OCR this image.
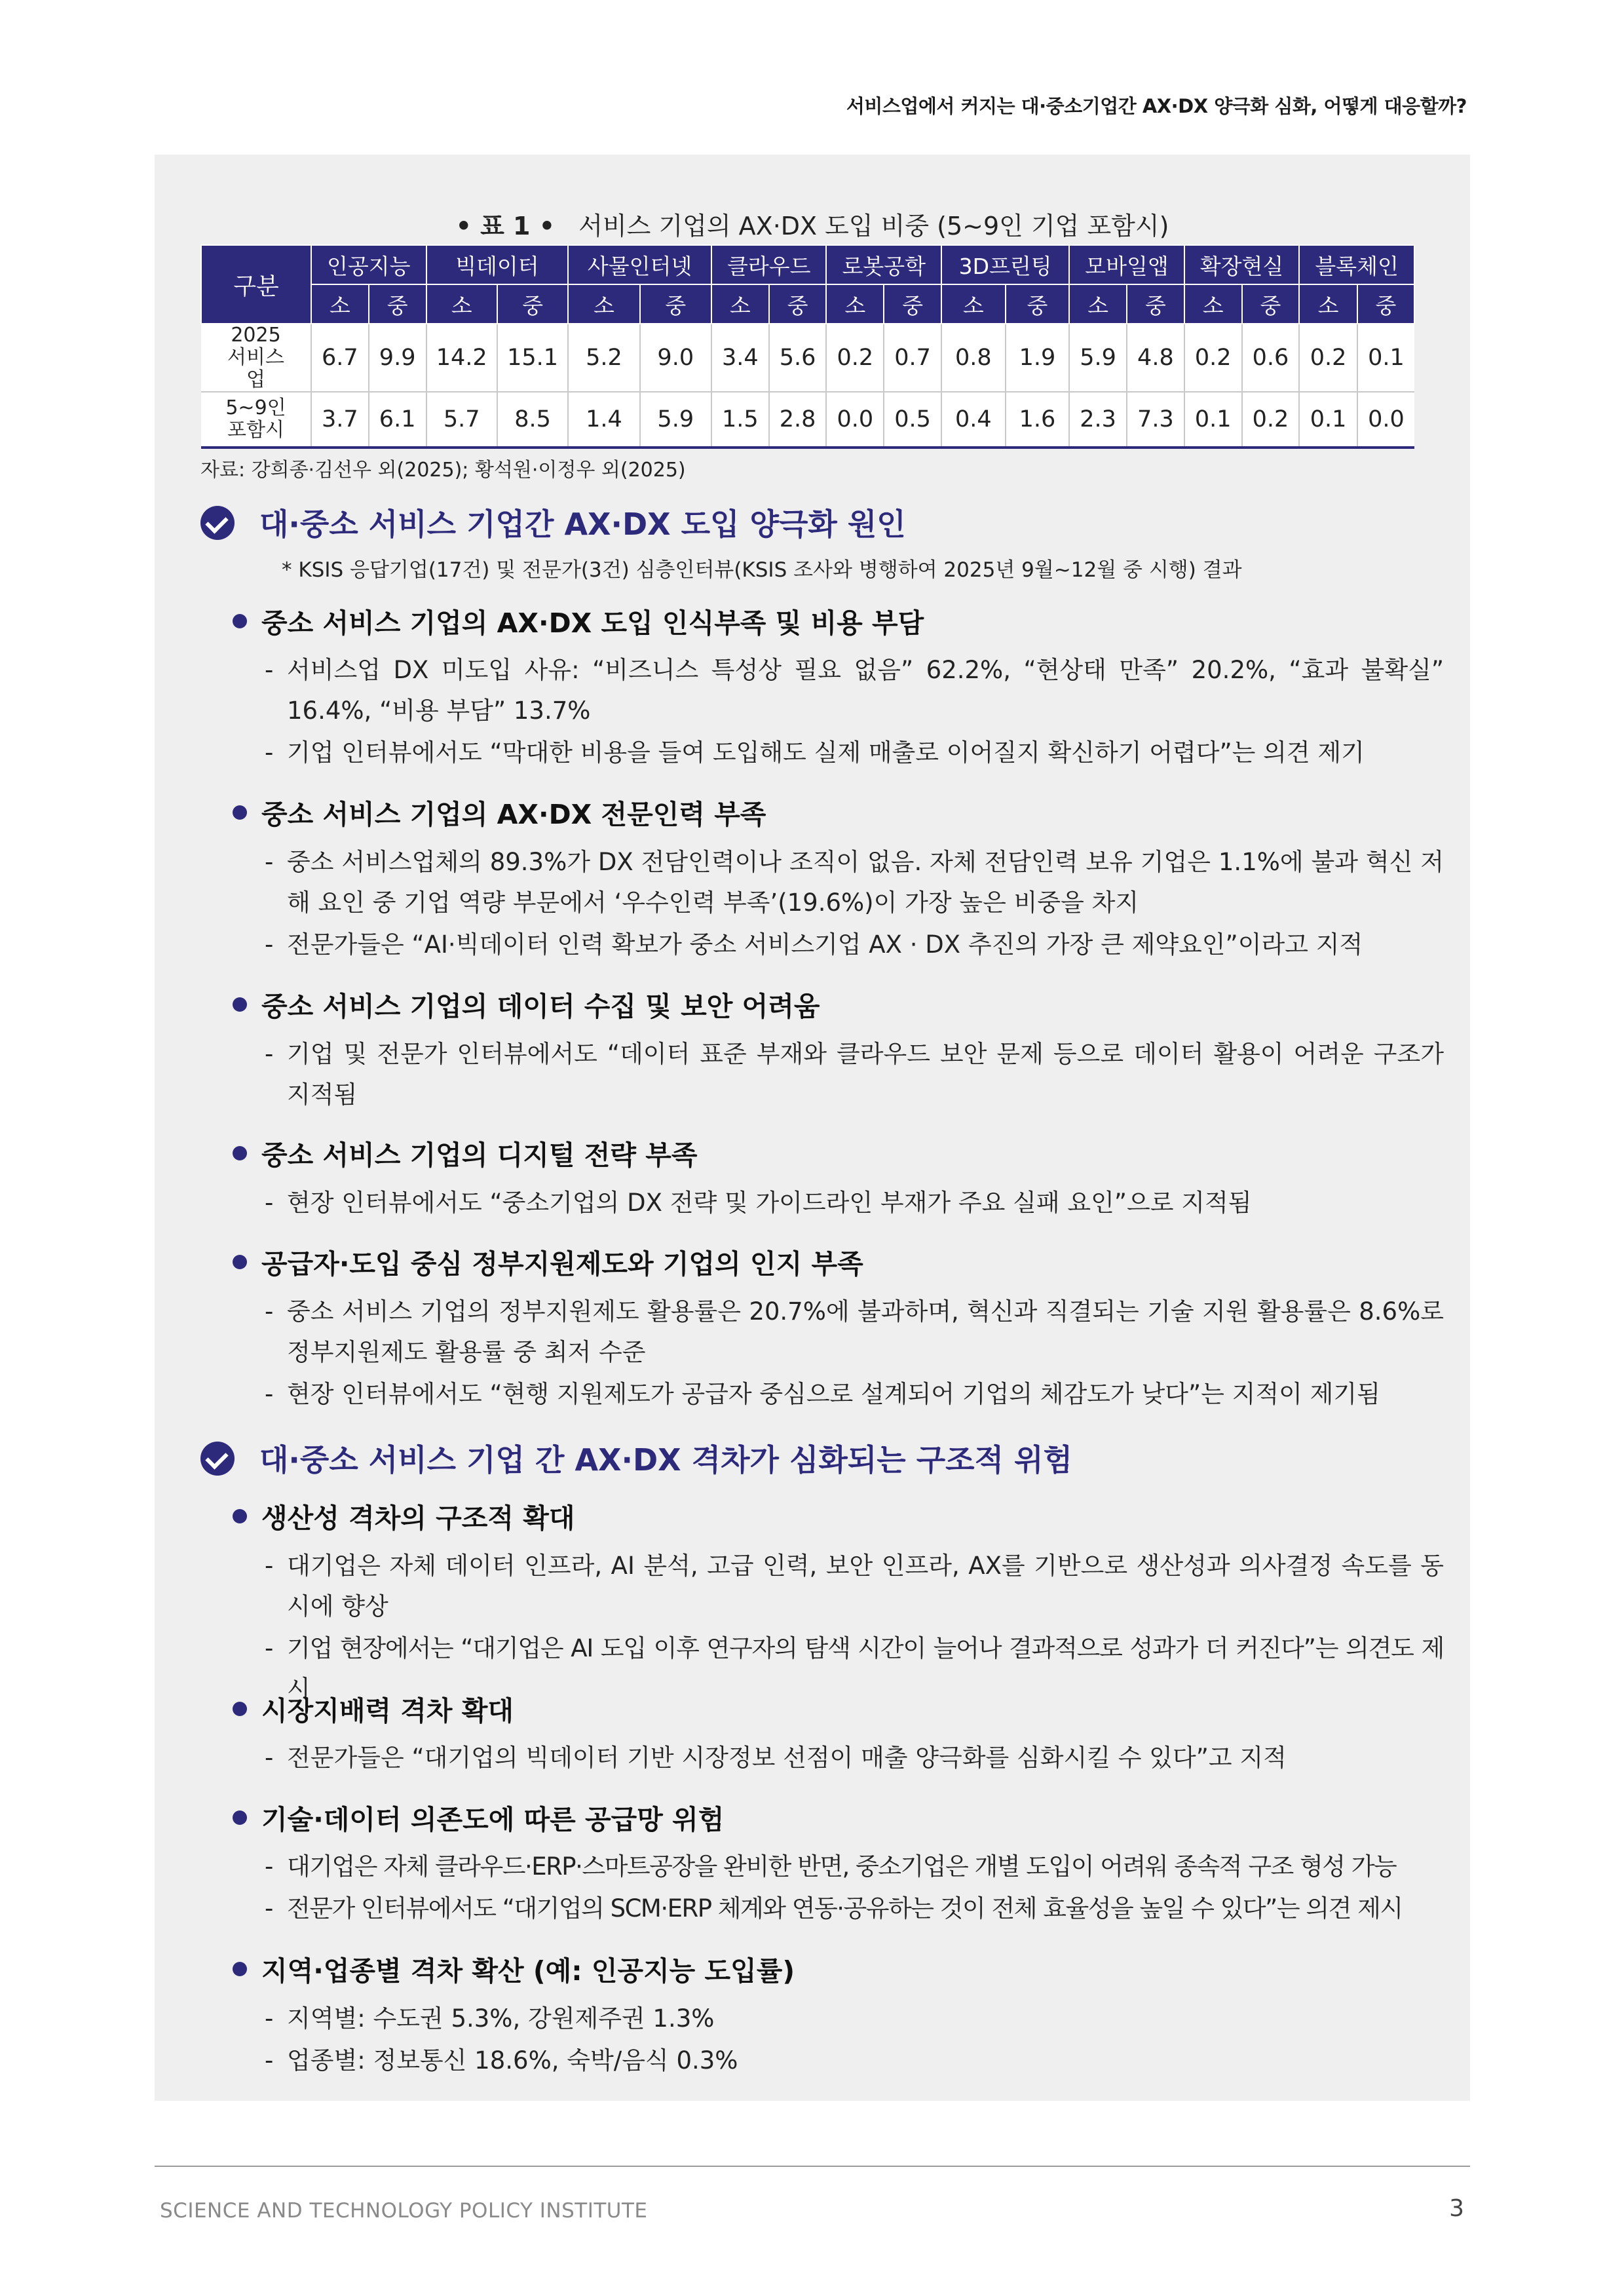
서비스업에서 커지는 대·중소기업간 AX·DX 양극화 심화, 어떻게 대응할까?
• 표 1 • 서비스 기업의 AX·DX 도입 비중 (5~9인 기업 포함시)
구분	인공지능		빅데이터		사물인터넷		클라우드		로봇공학		3D프린팅		모바일앱		확장현실		블록체인	
	소	중	소	중	소	중	소	중	소	중	소	중	소	중	소	중	소	중
2025 서비스업	6.7	9.9	14.2	15.1	5.2	9.0	3.4	5.6	0.2	0.7	0.8	1.9	5.9	4.8	0.2	0.6	0.2	0.1
5~9인 포함시	3.7	6.1	5.7	8.5	1.4	5.9	1.5	2.8	0.0	0.5	0.4	1.6	2.3	7.3	0.1	0.2	0.1	0.0
자료: 강희종·김선우 외(2025); 황석원·이정우 외(2025)
대·중소 서비스 기업간 AX·DX 도입 양극화 원인
* KSIS 응답기업(17건) 및 전문가(3건) 심층인터뷰(KSIS 조사와 병행하여 2025년 9월~12월 중 시행) 결과
중소 서비스 기업의 AX·DX 도입 인식부족 및 비용 부담
- 서비스업 DX 미도입 사유: “비즈니스 특성상 필요 없음” 62.2%, “현상태 만족” 20.2%, “효과 불확실” 16.4%, “비용 부담” 13.7%
- 기업 인터뷰에서도 “막대한 비용을 들여 도입해도 실제 매출로 이어질지 확신하기 어렵다”는 의견 제기
중소 서비스 기업의 AX·DX 전문인력 부족
- 중소 서비스업체의 89.3%가 DX 전담인력이나 조직이 없음. 자체 전담인력 보유 기업은 1.1%에 불과 혁신 저해 요인 중 기업 역량 부문에서 ‘우수인력 부족’(19.6%)이 가장 높은 비중을 차지
- 전문가들은 “AI·빅데이터 인력 확보가 중소 서비스기업 AX · DX 추진의 가장 큰 제약요인”이라고 지적
중소 서비스 기업의 데이터 수집 및 보안 어려움
- 기업 및 전문가 인터뷰에서도 “데이터 표준 부재와 클라우드 보안 문제 등으로 데이터 활용이 어려운 구조가 지적됨
중소 서비스 기업의 디지털 전략 부족
- 현장 인터뷰에서도 “중소기업의 DX 전략 및 가이드라인 부재가 주요 실패 요인”으로 지적됨
공급자·도입 중심 정부지원제도와 기업의 인지 부족
- 중소 서비스 기업의 정부지원제도 활용률은 20.7%에 불과하며, 혁신과 직결되는 기술 지원 활용률은 8.6%로 정부지원제도 활용률 중 최저 수준
- 현장 인터뷰에서도 “현행 지원제도가 공급자 중심으로 설계되어 기업의 체감도가 낮다”는 지적이 제기됨
대·중소 서비스 기업 간 AX·DX 격차가 심화되는 구조적 위험
생산성 격차의 구조적 확대
- 대기업은 자체 데이터 인프라, AI 분석, 고급 인력, 보안 인프라, AX를 기반으로 생산성과 의사결정 속도를 동시에 향상
- 기업 현장에서는 “대기업은 AI 도입 이후 연구자의 탐색 시간이 늘어나 결과적으로 성과가 더 커진다”는 의견도 제시
시장지배력 격차 확대
- 전문가들은 “대기업의 빅데이터 기반 시장정보 선점이 매출 양극화를 심화시킬 수 있다”고 지적
기술·데이터 의존도에 따른 공급망 위험
- 대기업은 자체 클라우드·ERP·스마트공장을 완비한 반면, 중소기업은 개별 도입이 어려워 종속적 구조 형성 가능
- 전문가 인터뷰에서도 “대기업의 SCM·ERP 체계와 연동·공유하는 것이 전체 효율성을 높일 수 있다”는 의견 제시
지역·업종별 격차 확산 (예: 인공지능 도입률)
- 지역별: 수도권 5.3%, 강원제주권 1.3%
- 업종별: 정보통신 18.6%, 숙박/음식 0.3%
SCIENCE AND TECHNOLOGY POLICY INSTITUTE	3
